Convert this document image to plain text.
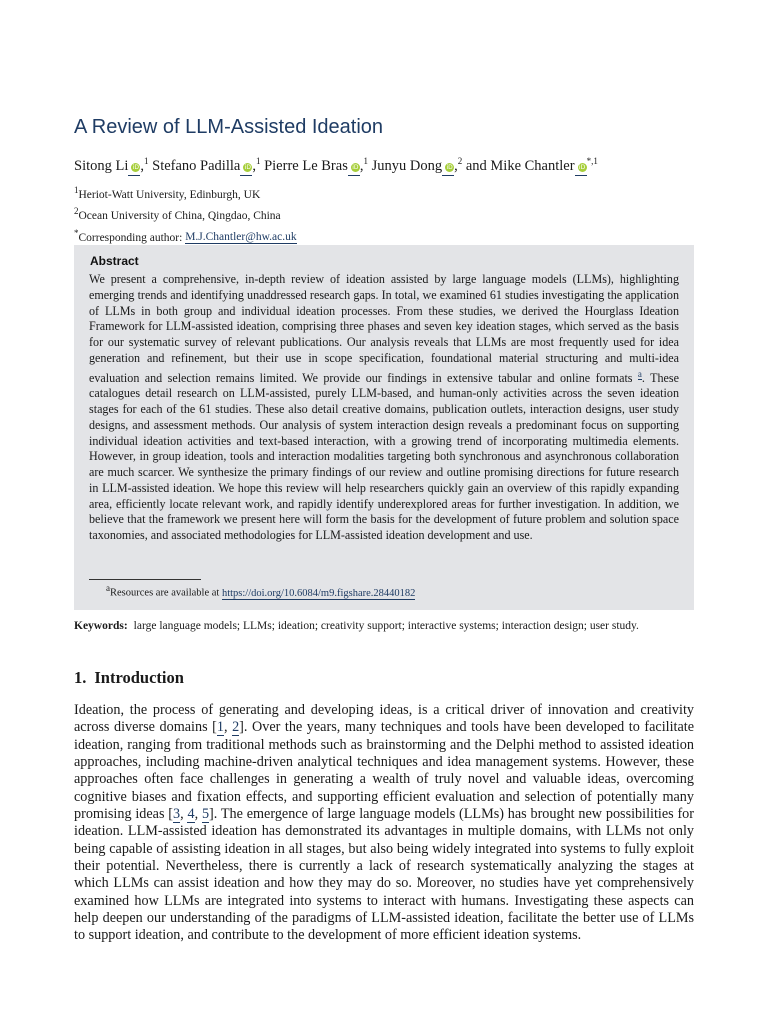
A Review of LLM-Assisted Ideation
Sitong Li iD,$^1$ Stefano Padilla iD,$^1$ Pierre Le Bras iD,$^1$ Junyu Dong iD,$^2$ and Mike Chantler $iD^{*,1}$
$^1$Heriot-Watt University, Edinburgh, UK
$^2$Ocean University of China, Qingdao, China
*Corresponding author: M.J.Chantler@hw.ac.uk
Abstract
We present a comprehensive, in-depth review of ideation assisted by large language models (LLMs), highlighting emerging trends and identifying unaddressed research gaps. In total, we examined 61 studies investigating the application of LLMs in both group and individual ideation processes. From these studies, we derived the Hourglass Ideation Framework for LLM-assisted ideation, comprising three phases and seven key ideation stages, which served as the basis for our systematic survey of relevant publications. Our analysis reveals that LLMs are most frequently used for idea generation and refinement, but their use in scope specification, foundational material structuring and multi-idea evaluation and selection remains limited. We provide our findings in extensive tabular and online formats $^a$. These catalogues detail research on LLM-assisted, purely LLM-based, and human-only activities across the seven ideation stages for each of the 61 studies. These also detail creative domains, publication outlets, interaction designs, user study designs, and assessment methods. Our analysis of system interaction design reveals a predominant focus on supporting individual ideation activities and text-based interaction, with a growing trend of incorporating multimedia elements. However, in group ideation, tools and interaction modalities targeting both synchronous and asynchronous collaboration are much scarcer. We synthesize the primary findings of our review and outline promising directions for future research in LLM-assisted ideation. We hope this review will help researchers quickly gain an overview of this rapidly expanding area, efficiently locate relevant work, and rapidly identify underexplored areas for further investigation. In addition, we believe that the framework we present here will form the basis for the development of future problem and solution space taxonomies, and associated methodologies for LLM-assisted ideation development and use.
$^a$Resources are available at https://doi.org/10.6084/m9.figshare.28440182
Keywords: large language models; LLMs; ideation; creativity support; interactive systems; interaction design; user study.
1. Introduction

Ideation, the process of generating and developing ideas, is a critical driver of innovation and creativity across diverse domains [1, 2]. Over the years, many techniques and tools have been developed to facilitate ideation, ranging from traditional methods such as brainstorming and the Delphi method to assisted ideation approaches, including machine-driven analytical techniques and idea management systems. However, these approaches often face challenges in generating a wealth of truly novel and valuable ideas, overcoming cognitive biases and fixation effects, and supporting efficient evaluation and selection of potentially many promising ideas [3, 4, 5]. The emergence of large language models (LLMs) has brought new possibilities for ideation. LLM-assisted ideation has demonstrated its advantages in multiple domains, with LLMs not only being capable of assisting ideation in all stages, but also being widely integrated into systems to fully exploit their potential. Nevertheless, there is currently a lack of research systematically analyzing the stages at which LLMs can assist ideation and how they may do so. Moreover, no studies have yet comprehensively examined how LLMs are integrated into systems to interact with humans. Investigating these aspects can help deepen our understanding of the paradigms of LLM-assisted ideation, facilitate the better use of LLMs to support ideation, and contribute to the development of more efficient ideation systems.
